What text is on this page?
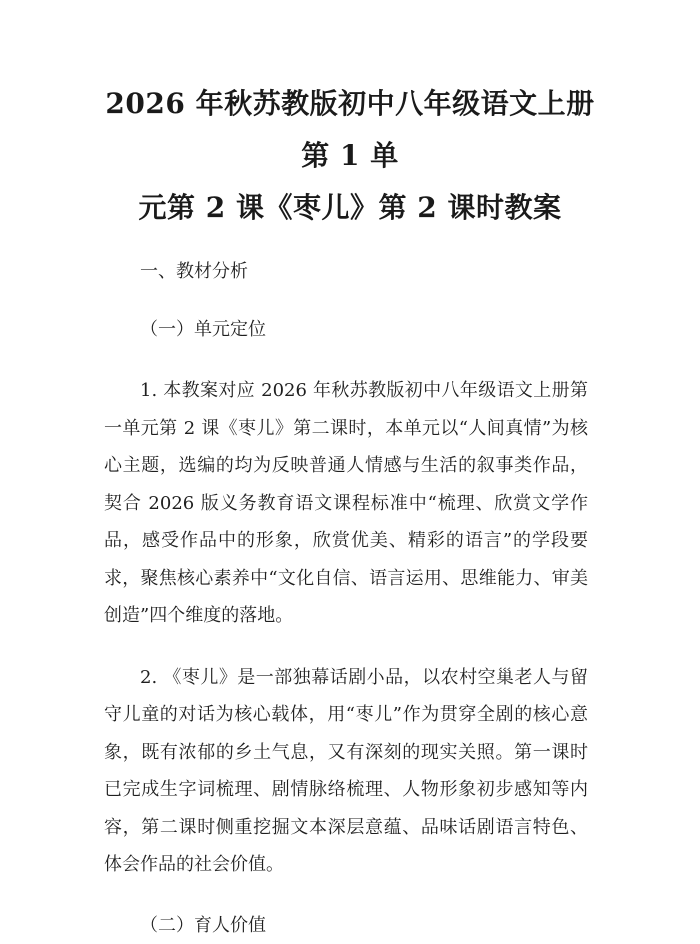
2026 年秋苏教版初中八年级语文上册第 1 单
元第 2 课《枣儿》第 2 课时教案

一、教材分析

（一）单元定位

1. 本教案对应 2026 年秋苏教版初中八年级语文上册第一单元第 2 课《枣儿》第二课时，本单元以“人间真情”为核心主题，选编的均为反映普通人情感与生活的叙事类作品，契合 2026 版义务教育语文课程标准中“梳理、欣赏文学作品，感受作品中的形象，欣赏优美、精彩的语言”的学段要求，聚焦核心素养中“文化自信、语言运用、思维能力、审美创造”四个维度的落地。

2. 《枣儿》是一部独幕话剧小品，以农村空巢老人与留守儿童的对话为核心载体，用“枣儿”作为贯穿全剧的核心意象，既有浓郁的乡土气息，又有深刻的现实关照。第一课时已完成生字词梳理、剧情脉络梳理、人物形象初步感知等内容，第二课时侧重挖掘文本深层意蕴、品味话剧语言特色、体会作品的社会价值。

（二）育人价值
